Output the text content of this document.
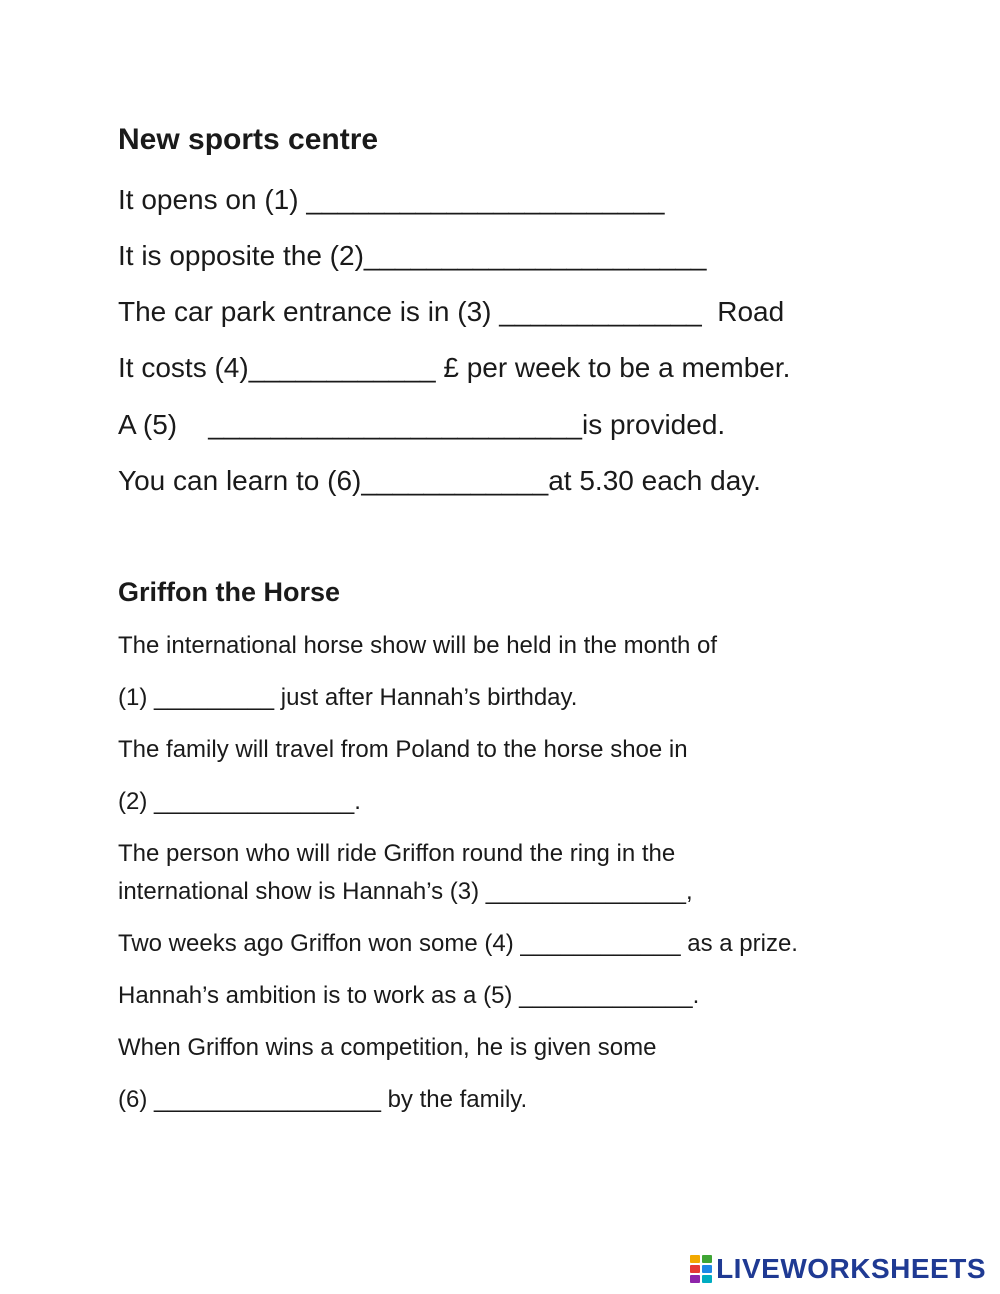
New sports centre
It opens on (1) _______________________
It is opposite the (2)______________________
The car park entrance is in (3) _____________  Road
It costs (4)____________ £ per week to be a member.
A (5)    ________________________is provided.
You can learn to (6)____________at 5.30 each day.
Griffon the Horse
The international horse show will be held in the month of
(1) _________ just after Hannah’s birthday.
The family will travel from Poland to the horse shoe in
(2) _______________.
The person who will ride Griffon round the ring in the
international show is Hannah’s (3) _______________,
Two weeks ago Griffon won some (4) ____________ as a prize.
Hannah’s ambition is to work as a (5) _____________.
When Griffon wins a competition, he is given some
(6) _________________ by the family.
LIVEWORKSHEETS
